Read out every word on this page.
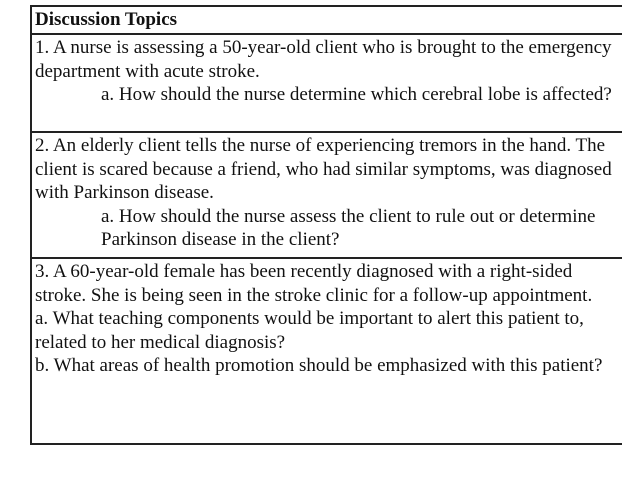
Discussion Topics

1. A nurse is assessing a 50-year-old client who is brought to the emergency department with acute stroke.

a. How should the nurse determine which cerebral lobe is affected?

2. An elderly client tells the nurse of experiencing tremors in the hand. The client is scared because a friend, who had similar symptoms, was diagnosed with Parkinson disease.

a. How should the nurse assess the client to rule out or determine Parkinson disease in the client?

3. A 60-year-old female has been recently diagnosed with a right-sided stroke. She is being seen in the stroke clinic for a follow-up appointment.

a. What teaching components would be important to alert this patient to, related to her medical diagnosis?

b. What areas of health promotion should be emphasized with this patient?
